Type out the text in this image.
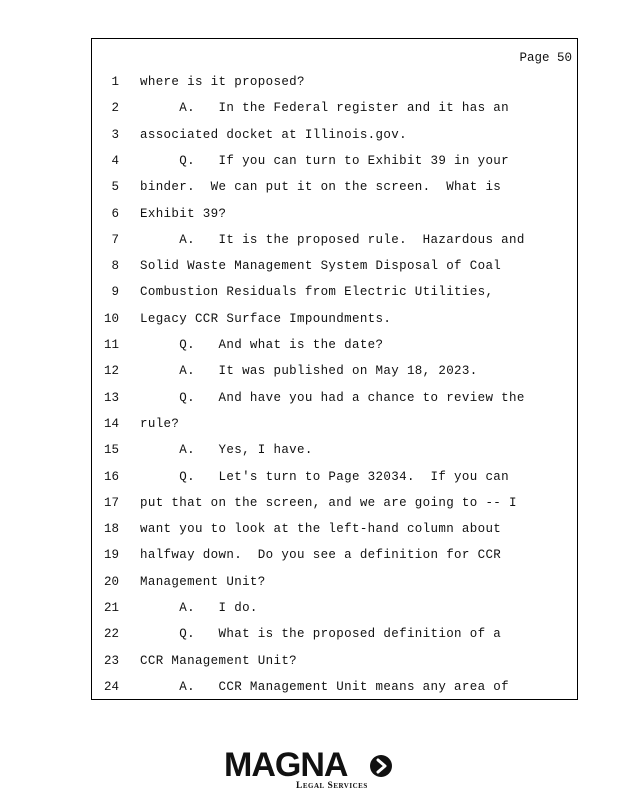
Page 50
1 where is it proposed?
2 A.   In the Federal register and it has an
3 associated docket at Illinois.gov.
4 Q.   If you can turn to Exhibit 39 in your
5 binder.  We can put it on the screen.  What is
6 Exhibit 39?
7 A.   It is the proposed rule.  Hazardous and
8 Solid Waste Management System Disposal of Coal
9 Combustion Residuals from Electric Utilities,
10 Legacy CCR Surface Impoundments.
11 Q.   And what is the date?
12 A.   It was published on May 18, 2023.
13 Q.   And have you had a chance to review the
14 rule?
15 A.   Yes, I have.
16 Q.   Let's turn to Page 32034.  If you can
17 put that on the screen, and we are going to -- I
18 want you to look at the left-hand column about
19 halfway down.  Do you see a definition for CCR
20 Management Unit?
21 A.   I do.
22 Q.   What is the proposed definition of a
23 CCR Management Unit?
24 A.   CCR Management Unit means any area of
MAGNA
Legal Services
